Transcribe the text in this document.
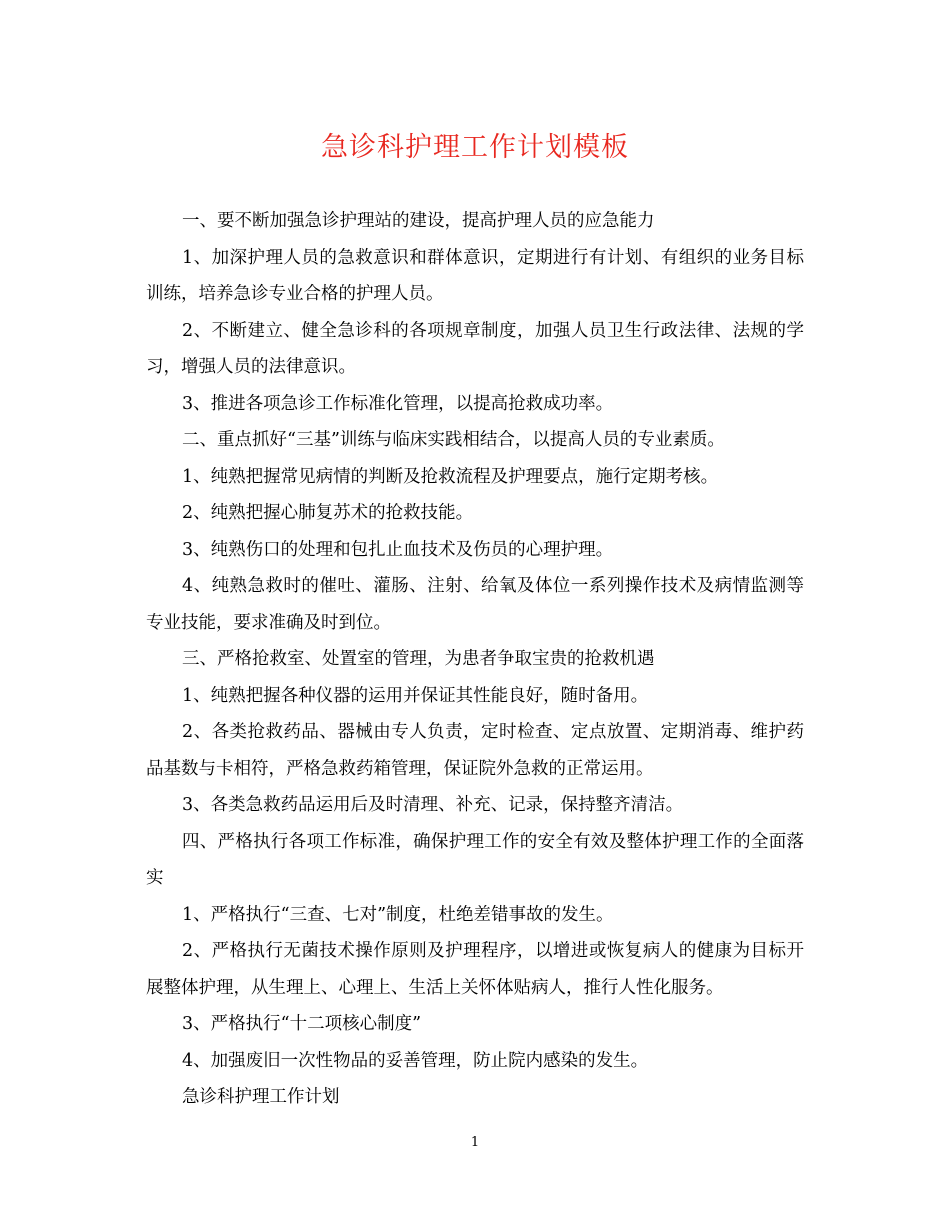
急诊科护理工作计划模板

一、要不断加强急诊护理站的建设，提高护理人员的应急能力

1、加深护理人员的急救意识和群体意识，定期进行有计划、有组织的业务目标训练，培养急诊专业合格的护理人员。

2、不断建立、健全急诊科的各项规章制度，加强人员卫生行政法律、法规的学习，增强人员的法律意识。

3、推进各项急诊工作标准化管理，以提高抢救成功率。

二、重点抓好“三基”训练与临床实践相结合，以提高人员的专业素质。

1、纯熟把握常见病情的判断及抢救流程及护理要点，施行定期考核。

2、纯熟把握心肺复苏术的抢救技能。

3、纯熟伤口的处理和包扎止血技术及伤员的心理护理。

4、纯熟急救时的催吐、灌肠、注射、给氧及体位一系列操作技术及病情监测等专业技能，要求准确及时到位。

三、严格抢救室、处置室的管理，为患者争取宝贵的抢救机遇

1、纯熟把握各种仪器的运用并保证其性能良好，随时备用。

2、各类抢救药品、器械由专人负责，定时检查、定点放置、定期消毒、维护药品基数与卡相符，严格急救药箱管理，保证院外急救的正常运用。

3、各类急救药品运用后及时清理、补充、记录，保持整齐清洁。

四、严格执行各项工作标准，确保护理工作的安全有效及整体护理工作的全面落实

1、严格执行“三查、七对”制度，杜绝差错事故的发生。

2、严格执行无菌技术操作原则及护理程序，以增进或恢复病人的健康为目标开展整体护理，从生理上、心理上、生活上关怀体贴病人，推行人性化服务。

3、严格执行“十二项核心制度”

4、加强废旧一次性物品的妥善管理，防止院内感染的发生。

急诊科护理工作计划

1
